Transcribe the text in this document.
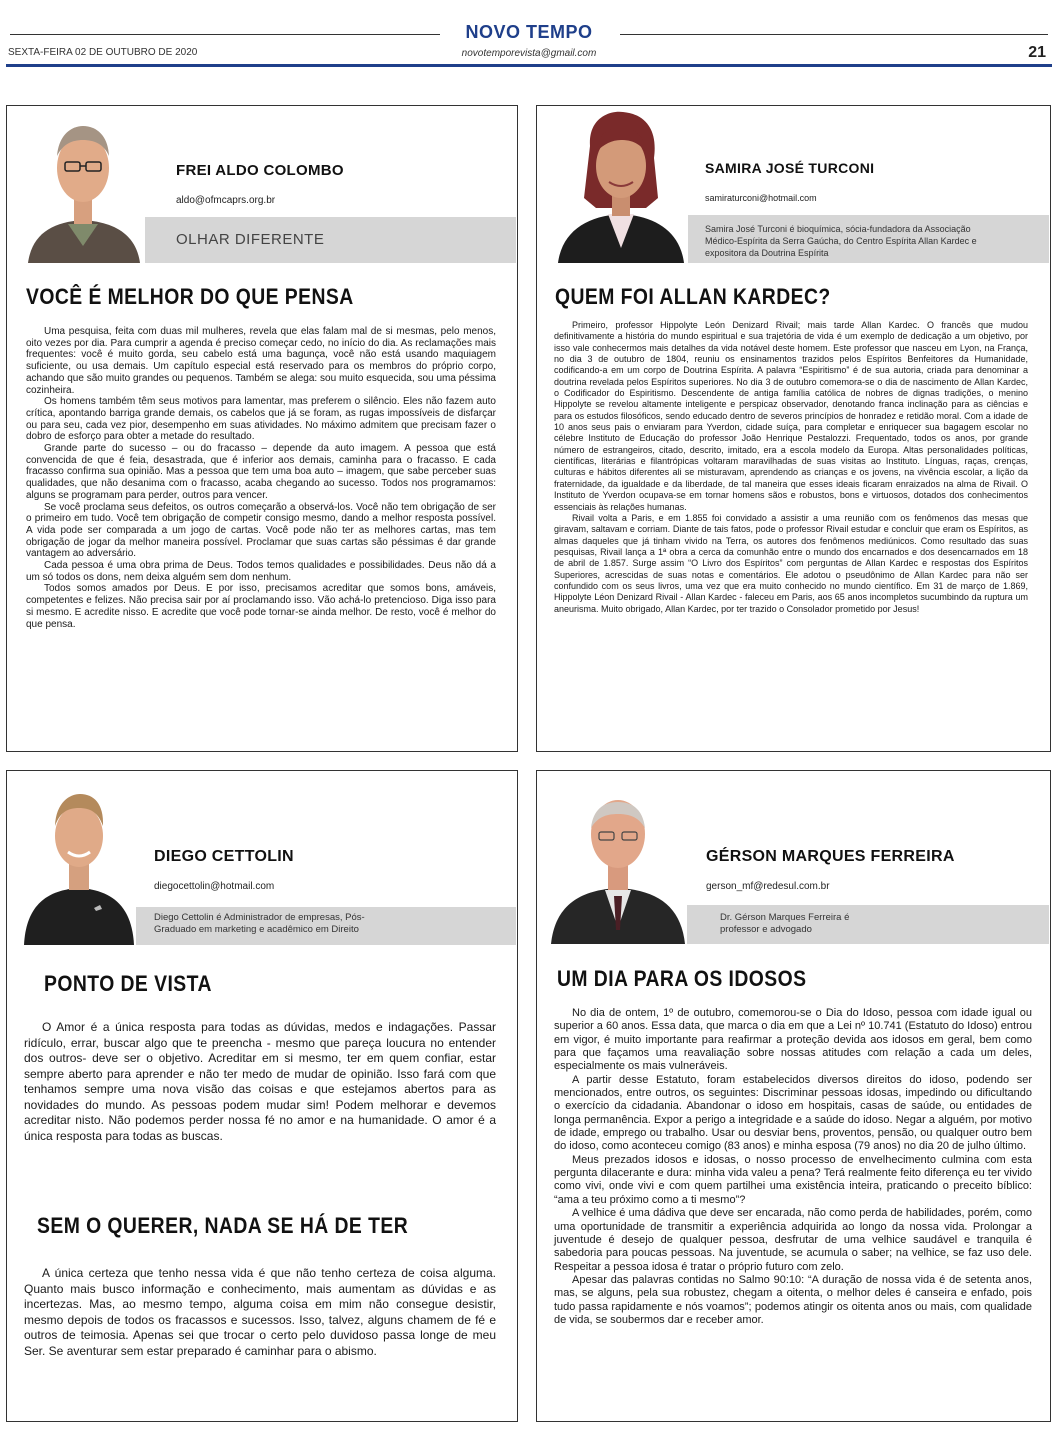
NOVO TEMPO
SEXTA-FEIRA 02 DE OUTUBRO DE 2020	novotemporevista@gmail.com	21
FREI ALDO COLOMBO
aldo@ofmcaprs.org.br
OLHAR DIFERENTE
VOCÊ É MELHOR DO QUE PENSA

Uma pesquisa, feita com duas mil mulheres, revela que elas falam mal de si mesmas, pelo menos, oito vezes por dia. Para cumprir a agenda é preciso começar cedo, no início do dia. As reclamações mais frequentes: você é muito gorda, seu cabelo está uma bagunça, você não está usando maquiagem suficiente, ou usa demais. Um capítulo especial está reservado para os membros do próprio corpo, achando que são muito grandes ou pequenos. Também se alega: sou muito esquecida, sou uma péssima cozinheira.

Os homens também têm seus motivos para lamentar, mas preferem o silêncio. Eles não fazem auto crítica, apontando barriga grande demais, os cabelos que já se foram, as rugas impossíveis de disfarçar ou para seu, cada vez pior, desempenho em suas atividades. No máximo admitem que precisam fazer o dobro de esforço para obter a metade do resultado.

Grande parte do sucesso – ou do fracasso – depende da auto imagem. A pessoa que está convencida de que é feia, desastrada, que é inferior aos demais, caminha para o fracasso. E cada fracasso confirma sua opinião. Mas a pessoa que tem uma boa auto – imagem, que sabe perceber suas qualidades, que não desanima com o fracasso, acaba chegando ao sucesso. Todos nos programamos: alguns se programam para perder, outros para vencer.

Se você proclama seus defeitos, os outros começarão a observá-los. Você não tem obrigação de ser o primeiro em tudo. Você tem obrigação de competir consigo mesmo, dando a melhor resposta possível. A vida pode ser comparada a um jogo de cartas. Você pode não ter as melhores cartas, mas tem obrigação de jogar da melhor maneira possível. Proclamar que suas cartas são péssimas é dar grande vantagem ao adversário.

Cada pessoa é uma obra prima de Deus. Todos temos qualidades e possibilidades. Deus não dá a um só todos os dons, nem deixa alguém sem dom nenhum.

Todos somos amados por Deus. E por isso, precisamos acreditar que somos bons, amáveis, competentes e felizes. Não precisa sair por aí proclamando isso. Vão achá-lo pretencioso. Diga isso para si mesmo. E acredite nisso. E acredite que você pode tornar-se ainda melhor. De resto, você é melhor do que pensa.

SAMIRA JOSÉ TURCONI
samiraturconi@hotmail.com
Samira José Turconi é bioquímica, sócia-fundadora da Associação Médico-Espírita da Serra Gaúcha, do Centro Espírita Allan Kardec e expositora da Doutrina Espírita
QUEM FOI ALLAN KARDEC?

Primeiro, professor Hippolyte León Denizard Rivail; mais tarde Allan Kardec. O francês que mudou definitivamente a história do mundo espiritual e sua trajetória de vida é um exemplo de dedicação a um objetivo, por isso vale conhecermos mais detalhes da vida notável deste homem. Este professor que nasceu em Lyon, na França, no dia 3 de outubro de 1804, reuniu os ensinamentos trazidos pelos Espíritos Benfeitores da Humanidade, codificando-a em um corpo de Doutrina Espírita. A palavra “Espiritismo” é de sua autoria, criada para denominar a doutrina revelada pelos Espíritos superiores. No dia 3 de outubro comemora-se o dia de nascimento de Allan Kardec, o Codificador do Espiritismo. Descendente de antiga família católica de nobres de dignas tradições, o menino Hippolyte se revelou altamente inteligente e perspicaz observador, denotando franca inclinação para as ciências e para os estudos filosóficos, sendo educado dentro de severos princípios de honradez e retidão moral. Com a idade de 10 anos seus pais o enviaram para Yverdon, cidade suíça, para completar e enriquecer sua bagagem escolar no célebre Instituto de Educação do professor João Henrique Pestalozzi. Frequentado, todos os anos, por grande número de estrangeiros, citado, descrito, imitado, era a escola modelo da Europa. Altas personalidades políticas, científicas, literárias e filantrópicas voltaram maravilhadas de suas visitas ao Instituto. Línguas, raças, crenças, culturas e hábitos diferentes ali se misturavam, aprendendo as crianças e os jovens, na vivência escolar, a lição da fraternidade, da igualdade e da liberdade, de tal maneira que esses ideais ficaram enraizados na alma de Rivail. O Instituto de Yverdon ocupava-se em tornar homens sãos e robustos, bons e virtuosos, dotados dos conhecimentos essenciais às relações humanas.

Rivail volta a Paris, e em 1.855 foi convidado a assistir a uma reunião com os fenômenos das mesas que giravam, saltavam e corriam. Diante de tais fatos, pode o professor Rivail estudar e concluir que eram os Espíritos, as almas daqueles que já tinham vivido na Terra, os autores dos fenômenos mediúnicos. Como resultado das suas pesquisas, Rivail lança a 1ª obra a cerca da comunhão entre o mundo dos encarnados e dos desencarnados em 18 de abril de 1.857. Surge assim “O Livro dos Espíritos” com perguntas de Allan Kardec e respostas dos Espíritos Superiores, acrescidas de suas notas e comentários. Ele adotou o pseudônimo de Allan Kardec para não ser confundido com os seus livros, uma vez que era muito conhecido no mundo científico. Em 31 de março de 1.869, Hippolyte Léon Denizard Rivail - Allan Kardec - faleceu em Paris, aos 65 anos incompletos sucumbindo da ruptura um aneurisma. Muito obrigado, Allan Kardec, por ter trazido o Consolador prometido por Jesus!

DIEGO CETTOLIN
diegocettolin@hotmail.com
Diego Cettolin é Administrador de empresas, Pós-Graduado em marketing e acadêmico em Direito
PONTO DE VISTA

O Amor é a única resposta para todas as dúvidas, medos e indagações. Passar ridículo, errar, buscar algo que te preencha - mesmo que pareça loucura no entender dos outros- deve ser o objetivo. Acreditar em si mesmo, ter em quem confiar, estar sempre aberto para aprender e não ter medo de mudar de opinião. Isso fará com que tenhamos sempre uma nova visão das coisas e que estejamos abertos para as novidades do mundo. As pessoas podem mudar sim! Podem melhorar e devemos acreditar nisto. Não podemos perder nossa fé no amor e na humanidade. O amor é a única resposta para todas as buscas.

SEM O QUERER, NADA SE HÁ DE TER

A única certeza que tenho nessa vida é que não tenho certeza de coisa alguma. Quanto mais busco informação e conhecimento, mais aumentam as dúvidas e as incertezas. Mas, ao mesmo tempo, alguma coisa em mim não consegue desistir, mesmo depois de todos os fracassos e sucessos. Isso, talvez, alguns chamem de fé e outros de teimosia. Apenas sei que trocar o certo pelo duvidoso passa longe de meu Ser. Se aventurar sem estar preparado é caminhar para o abismo.

GÉRSON MARQUES FERREIRA
gerson_mf@redesul.com.br
Dr. Gérson Marques Ferreira é professor e advogado
UM DIA PARA OS IDOSOS

No dia de ontem, 1º de outubro, comemorou-se o Dia do Idoso, pessoa com idade igual ou superior a 60 anos. Essa data, que marca o dia em que a Lei nº 10.741 (Estatuto do Idoso) entrou em vigor, é muito importante para reafirmar a proteção devida aos idosos em geral, bem como para que façamos uma reavaliação sobre nossas atitudes com relação a cada um deles, especialmente os mais vulneráveis.

A partir desse Estatuto, foram estabelecidos diversos direitos do idoso, podendo ser mencionados, entre outros, os seguintes: Discriminar pessoas idosas, impedindo ou dificultando o exercício da cidadania. Abandonar o idoso em hospitais, casas de saúde, ou entidades de longa permanência. Expor a perigo a integridade e a saúde do idoso. Negar a alguém, por motivo de idade, emprego ou trabalho. Usar ou desviar bens, proventos, pensão, ou qualquer outro bem do idoso, como aconteceu comigo (83 anos) e minha esposa (79 anos) no dia 20 de julho último.

Meus prezados idosos e idosas, o nosso processo de envelhecimento culmina com esta pergunta dilacerante e dura: minha vida valeu a pena? Terá realmente feito diferença eu ter vivido como vivi, onde vivi e com quem partilhei uma existência inteira, praticando o preceito bíblico: “ama a teu próximo como a ti mesmo”?

A velhice é uma dádiva que deve ser encarada, não como perda de habilidades, porém, como uma oportunidade de transmitir a experiência adquirida ao longo da nossa vida. Prolongar a juventude é desejo de qualquer pessoa, desfrutar de uma velhice saudável e tranquila é sabedoria para poucas pessoas. Na juventude, se acumula o saber; na velhice, se faz uso dele. Respeitar a pessoa idosa é tratar o próprio futuro com zelo.

Apesar das palavras contidas no Salmo 90:10: “A duração de nossa vida é de setenta anos, mas, se alguns, pela sua robustez, chegam a oitenta, o melhor deles é canseira e enfado, pois tudo passa rapidamente e nós voamos”; podemos atingir os oitenta anos ou mais, com qualidade de vida, se soubermos dar e receber amor.
